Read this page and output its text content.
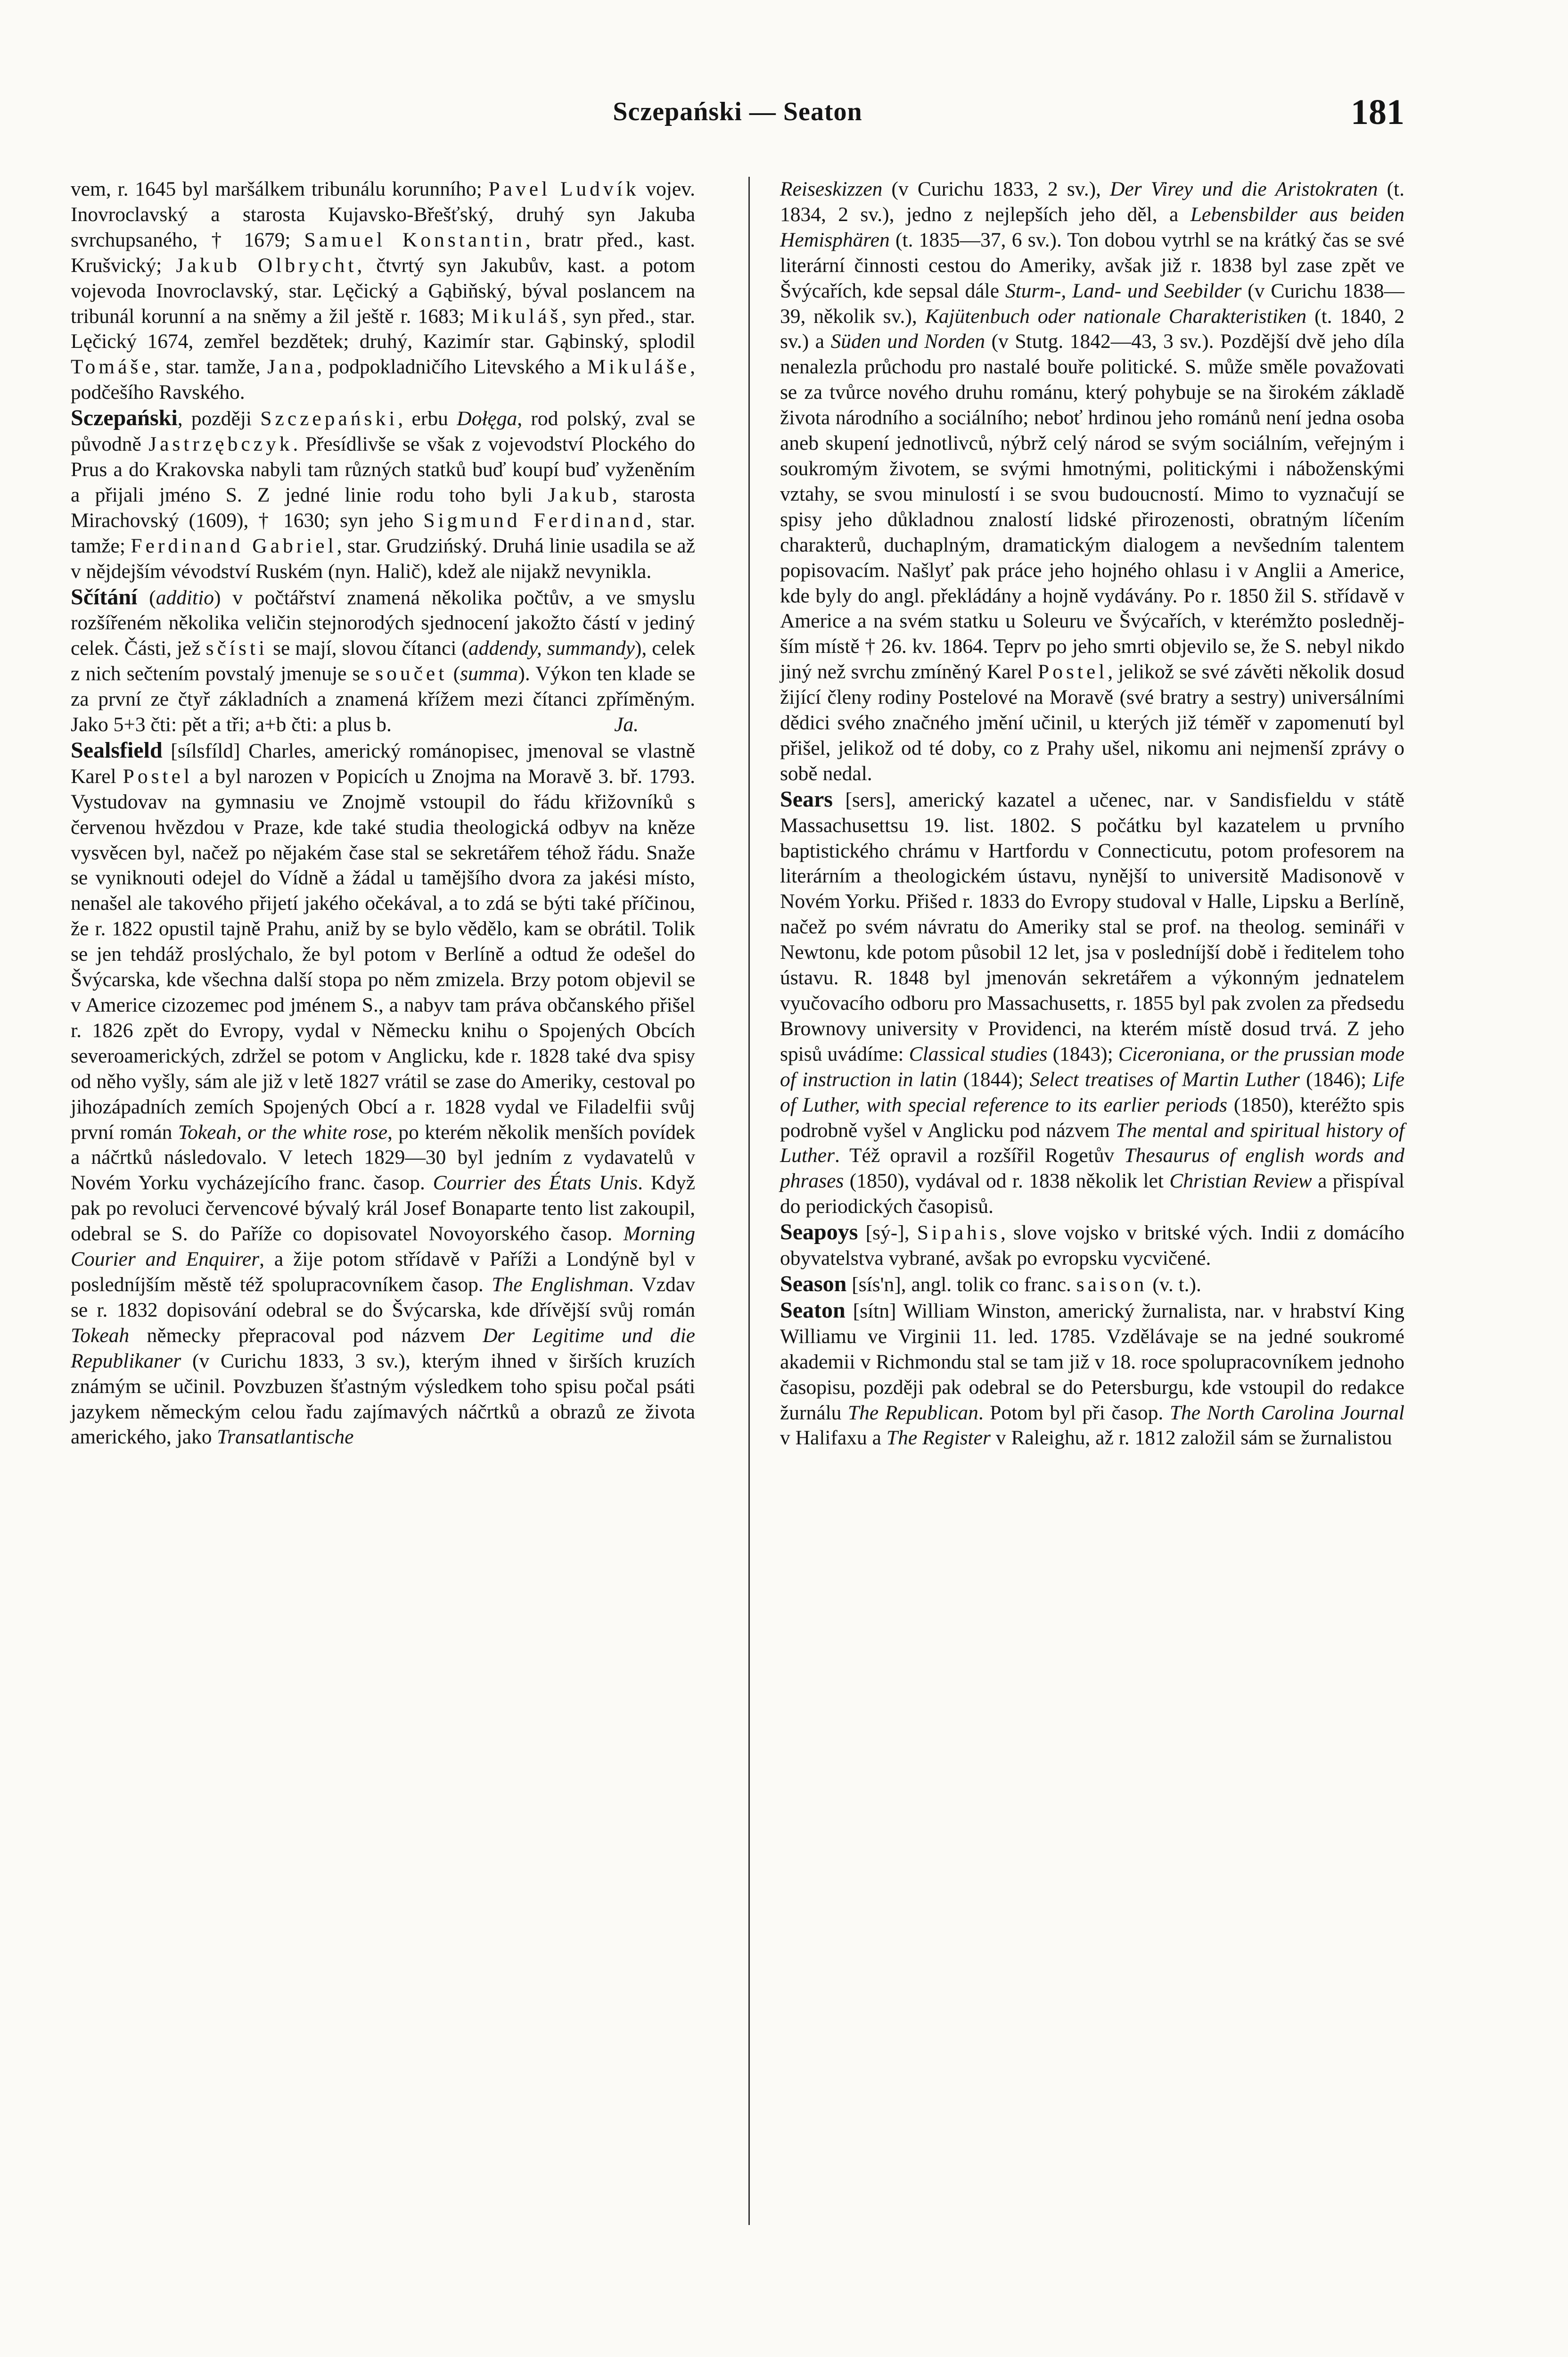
Sczepański — Seaton	181

vem, r. 1645 byl maršálkem tribunálu korunního; Pavel Ludvík vojev. Inovroclavský a starosta Kujavsko-Břešťský, druhý syn Jakuba svrchupsaného, † 1679; Samuel Konstantin, bratr před., kast. Krušvický; Jakub Olbrycht, čtvrtý syn Jakubův, kast. a potom vojevoda Inovroclavský, star. Lęčický a Gąbiňský, býval poslancem na tribunál korunní a na sněmy a žil ještě r. 1683; Mikuláš, syn před., star. Lęčický 1674, zemřel bezdětek; druhý, Kazimír star. Gąbinský, splodil Tomáše, star. tamže, Jana, podpokladničího Litevského a Mikuláše, podčešího Ravského.

Sczepański, později Szczepański, erbu Dołęga, rod polský, zval se původně Jastrzębczyk. Přesídlivše se však z vojevodství Plockého do Prus a do Krakovska nabyli tam různých statků buď koupí buď vyženěním a přijali jméno S. Z jedné linie rodu toho byli Jakub, starosta Mirachovský (1609), † 1630; syn jeho Sigmund Ferdinand, star. tamže; Ferdinand Gabriel, star. Grudzińský. Druhá linie usadila se až v nějdejším vévodství Ruském (nyn. Halič), kdež ale nijakž nevynikla.

Sčítání (additio) v počtářství znamená několika počtův, a ve smyslu rozšířeném několika veličin stejnorodých sjednocení jakožto částí v jediný celek. Části, jež sčísti se mají, slovou čítanci (addendy, summandy), celek z nich sečtením povstalý jmenuje se součet (summa). Výkon ten klade se za první ze čtyř základních a znamená křížem mezi čítanci zpříměným. Jako 5+3 čti: pět a tři; a+b čti: a plus b.	Ja.

Sealsfield [sílsfíld] Charles, americký románopisec, jmenoval se vlastně Karel Postel a byl narozen v Popicích u Znojma na Moravě 3. bř. 1793. Vystudovav na gymnasiu ve Znojmě vstoupil do řádu křižovníků s červenou hvězdou v Praze, kde také studia theologická odbyv na kněze vysvěcen byl, načež po nějakém čase stal se sekretářem téhož řádu. Snaže se vyniknouti odejel do Vídně a žádal u tamějšího dvora za jakési místo, nenašel ale takového přijetí jakého očekával, a to zdá se býti také příčinou, že r. 1822 opustil tajně Prahu, aniž by se bylo vědělo, kam se obrátil. Tolik se jen tehdáž proslýchalo, že byl potom v Berlíně a odtud že odešel do Švýcarska, kde všechna další stopa po něm zmizela. Brzy potom objevil se v Americe cizozemec pod jménem S., a nabyv tam práva občanského přišel r. 1826 zpět do Evropy, vydal v Německu knihu o Spojených Obcích severoamerických, zdržel se potom v Anglicku, kde r. 1828 také dva spisy od něho vyšly, sám ale již v letě 1827 vrátil se zase do Ameriky, cestoval po jihozápadních zemích Spojených Obcí a r. 1828 vydal ve Filadelfii svůj první román Tokeah, or the white rose, po kterém několik menších povídek a náčrtků následovalo. V letech 1829—30 byl jedním z vydavatelů v Novém Yorku vycházejícího franc. časop. Courrier des États Unis. Když pak po revoluci červencové bývalý král Josef Bonaparte tento list zakoupil, odebral se S. do Paříže co dopisovatel Novoyorského časop. Morning Courier and Enquirer, a žije potom střídavě v Paříži a Londýně byl v posledníjším městě též spolupracovníkem časop. The Englishman. Vzdav se r. 1832 dopisování odebral se do Švýcarska, kde dřívější svůj román Tokeah německy přepracoval pod názvem Der Legitime und die Republikaner (v Curichu 1833, 3 sv.), kterým ihned v širších kruzích známým se učinil. Povzbuzen šťastným výsledkem toho spisu počal psáti jazykem německým celou řadu zajímavých náčrtků a obrazů ze života amerického, jako Transatlantische

Reiseskizzen (v Curichu 1833, 2 sv.), Der Virey und die Aristokraten (t. 1834, 2 sv.), jedno z nejlepších jeho děl, a Lebensbilder aus beiden Hemisphären (t. 1835—37, 6 sv.). Ton dobou vytrhl se na krátký čas se své literární činnosti cestou do Ameriky, avšak již r. 1838 byl zase zpět ve Švýcařích, kde sepsal dále Sturm-, Land- und Seebilder (v Curichu 1838—39, několik sv.), Kajütenbuch oder nationale Charakteristiken (t. 1840, 2 sv.) a Süden und Norden (v Stutg. 1842—43, 3 sv.). Pozdější dvě jeho díla nenalezla průchodu pro nastalé bouře politické. S. může směle považovati se za tvůrce nového druhu románu, který pohybuje se na širokém základě života národního a sociálního; neboť hrdinou jeho románů není jedna osoba aneb skupení jednotlivců, nýbrž celý národ se svým sociálním, veřejným i soukromým životem, se svými hmotnými, politickými i náboženskými vztahy, se svou minulostí i se svou budoucností. Mimo to vyznačují se spisy jeho důkladnou znalostí lidské přirozenosti, obratným líčením charakterů, duchaplným, dramatickým dialogem a nevšedním talentem popisovacím. Našlyť pak práce jeho hojného ohlasu i v Anglii a Americe, kde byly do angl. překládány a hojně vydávány. Po r. 1850 žil S. střídavě v Americe a na svém statku u Soleuru ve Švýcařích, v kterémžto poslednějším místě † 26. kv. 1864. Teprv po jeho smrti objevilo se, že S. nebyl nikdo jiný než svrchu zmíněný Karel Postel, jelikož se své závěti několik dosud žijící členy rodiny Postelové na Moravě (své bratry a sestry) universálními dědici svého značného jmění učinil, u kterých již téměř v zapomenutí byl přišel, jelikož od té doby, co z Prahy ušel, nikomu ani nejmenší zprávy o sobě nedal.

Sears [sers], americký kazatel a učenec, nar. v Sandisfieldu v státě Massachusettsu 19. list. 1802. S počátku byl kazatelem u prvního baptistického chrámu v Hartfordu v Connecticutu, potom profesorem na literárním a theologickém ústavu, nynější to universitě Madisonově v Novém Yorku. Přišed r. 1833 do Evropy studoval v Halle, Lipsku a Berlíně, načež po svém návratu do Ameriky stal se prof. na theolog. semináři v Newtonu, kde potom působil 12 let, jsa v posledníjší době i ředitelem toho ústavu. R. 1848 byl jmenován sekretářem a výkonným jednatelem vyučovacího odboru pro Massachusetts, r. 1855 byl pak zvolen za předsedu Brownovy university v Providenci, na kterém místě dosud trvá. Z jeho spisů uvádíme: Classical studies (1843); Ciceroniana, or the prussian mode of instruction in latin (1844); Select treatises of Martin Luther (1846); Life of Luther, with special reference to its earlier periods (1850), kteréžto spis podrobně vyšel v Anglicku pod názvem The mental and spiritual history of Luther. Též opravil a rozšířil Rogetův Thesaurus of english words and phrases (1850), vydával od r. 1838 několik let Christian Review a přispíval do periodických časopisů.

Seapoys [sý-], Sipahis, slove vojsko v britské vých. Indii z domácího obyvatelstva vybrané, avšak po evropsku vycvičené.

Season [sís'n], angl. tolik co franc. saison (v. t.).

Seaton [sítn] William Winston, americký žurnalista, nar. v hrabství King Williamu ve Virginii 11. led. 1785. Vzdělávaje se na jedné soukromé akademii v Richmondu stal se tam již v 18. roce spolupracovníkem jednoho časopisu, později pak odebral se do Petersburgu, kde vstoupil do redakce žurnálu The Republican. Potom byl při časop. The North Carolina Journal v Halifaxu a The Register v Raleighu, až r. 1812 založil sám se žurnalistou
